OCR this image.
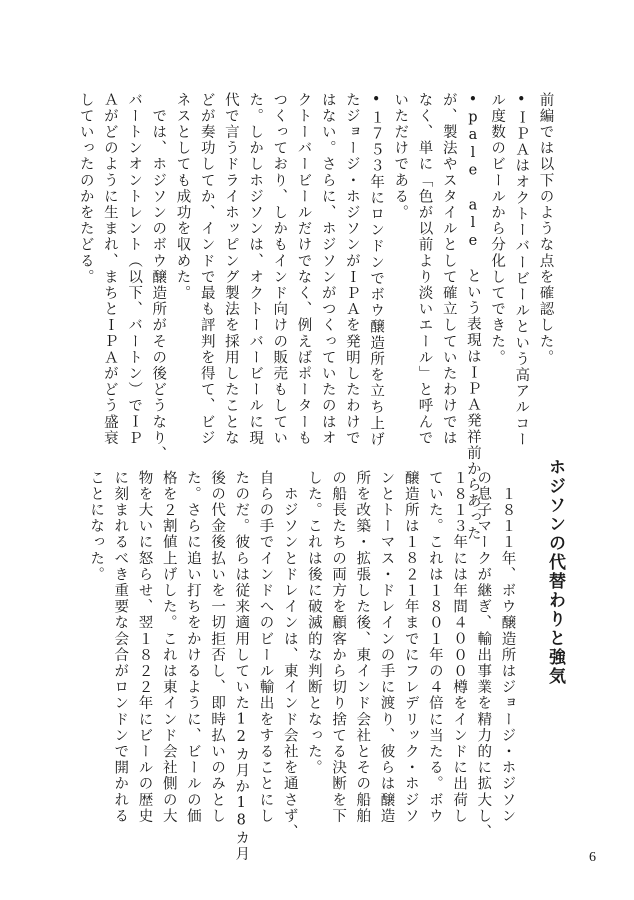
前編では以下のような点を確認した。
•ＩＰＡはオクトーバービールという高アルコー
ル度数のビールから分化してできた。
•pale ale という表現はＩＰＡ発祥前からあった
が、製法やスタイルとして確立していたわけでは
なく、単に「色が以前より淡いエール」と呼んで
いただけである。
•１７５３年にロンドンでボウ醸造所を立ち上げ
たジョージ・ホジソンがＩＰＡを発明したわけで
はない。さらに、ホジソンがつくっていたのはオ
クトーバービールだけでなく、例えばポーターも
つくっており、しかもインド向けの販売もしてい
た。しかしホジソンは、オクトーバービールに現
代で言うドライホッピング製法を採用したことな
どが奏功してか、インドで最も評判を得て、ビジ
ネスとしても成功を収めた。
　では、ホジソンのボウ醸造所がその後どうなり、
バートンオントレント（以下、バートン）でＩＰ
Ａがどのように生まれ、まちとＩＰＡがどう盛衰
していったのかをたどる。
ホジソンの代替わりと強気
　１８１１年、ボウ醸造所はジョージ・ホジソン
の息子マークが継ぎ、輸出事業を精力的に拡大し、
１８１３年には年間４０００樽をインドに出荷し
ていた。これは１８０１年の４倍に当たる。ボウ
醸造所は１８２１年までにフレデリック・ホジソ
ンとトーマス・ドレインの手に渡り、彼らは醸造
所を改築・拡張した後、東インド会社とその船舶
の船長たちの両方を顧客から切り捨てる決断を下
した。これは後に破滅的な判断となった。
　ホジソンとドレインは、東インド会社を通さず、
自らの手でインドへのビール輸出をすることにし
たのだ。彼らは従来適用していた12カ月か18カ月
後の代金後払いを一切拒否し、即時払いのみとし
た。さらに追い打ちをかけるように、ビールの価
格を２割値上げした。これは東インド会社側の大
物を大いに怒らせ、翌１８２２年にビールの歴史
に刻まれるべき重要な会合がロンドンで開かれる
ことになった。
6
